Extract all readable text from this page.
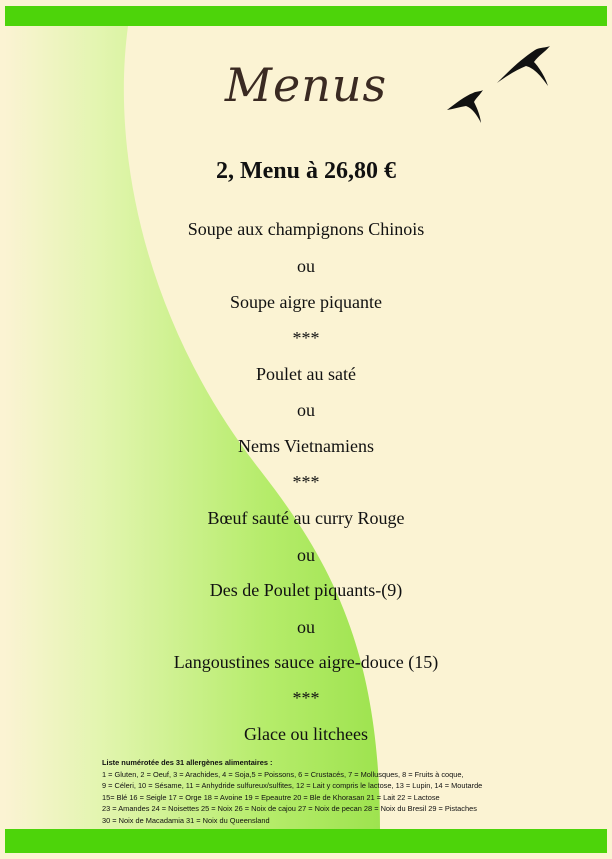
Menus
2, Menu à 26,80 €
Soupe aux champignons Chinois
ou
Soupe aigre piquante
***
Poulet au saté
ou
Nems Vietnamiens
***
Bœuf sauté au curry Rouge
ou
Des de Poulet piquants-(9)
ou
Langoustines sauce aigre-douce (15)
***
Glace ou litchees
Liste numérotée des 31 allergènes alimentaires :
1 = Gluten, 2 = Oeuf, 3 = Arachides, 4 = Soja,5 = Poissons, 6 = Crustacés, 7 = Mollusques, 8 = Fruits à coque,
9 = Céleri, 10 = Sésame, 11 = Anhydride sulfureux/sulfites, 12 = Lait y compris le lactose, 13 = Lupin, 14 = Moutarde
15= Blé 16 = Seigle 17 = Orge 18 = Avoine 19 = Epeautre 20 = Ble de Khorasan 21 = Lait 22 = Lactose
23 = Amandes 24 = Noisettes 25 = Noix 26 = Noix de cajou 27 = Noix de pecan 28 = Noix du Bresil 29 = Pistaches
30 = Noix de Macadamia 31 = Noix du Queensland
